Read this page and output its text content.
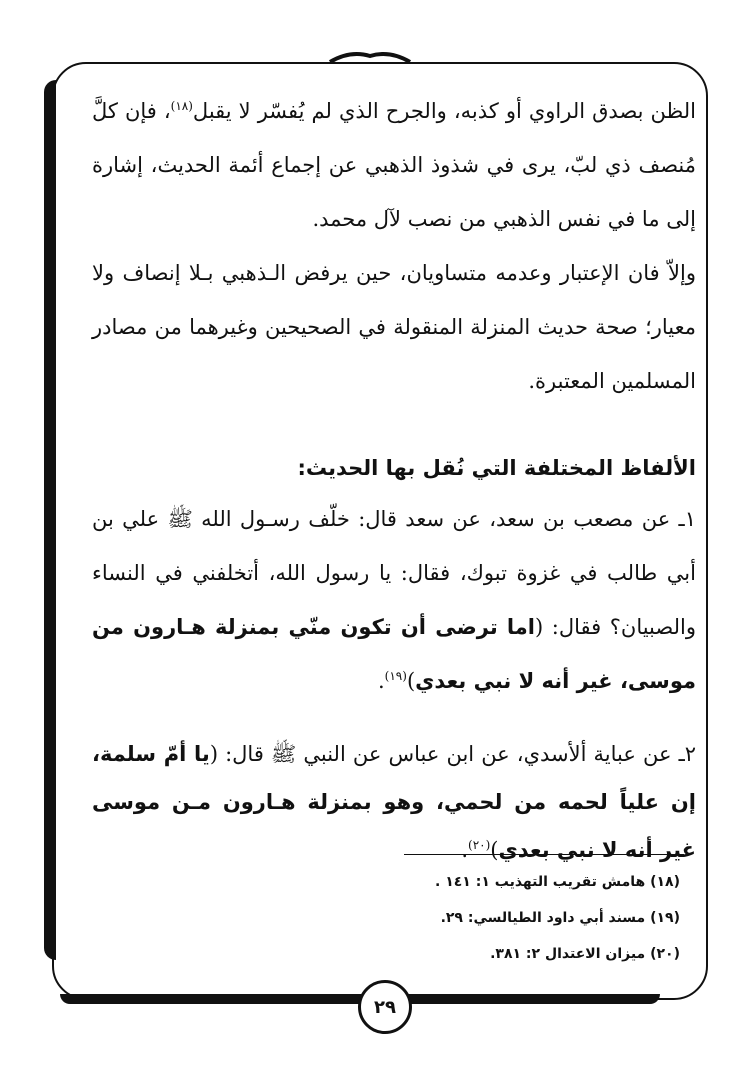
الظن بصدق الراوي أو كذبه، والجرح الذي لم يُفسّر لا يقبل$^{(١٨)}$، فإن كلَّ مُنصف ذي لبّ، يرى في شذوذ الذهبي عن إجماع أئمة الحديث، إشارة إلى ما في نفس الذهبي من نصب لآل محمد.

وإلاّ فان الإعتبار وعدمه متساويان، حين يرفض الـذهبي بـلا إنصاف ولا معيار؛ صحة حديث المنزلة المنقولة في الصحيحين وغيرهما من مصادر المسلمين المعتبرة.

الألفاظ المختلفة التي نُقل بها الحديث:

١ـ عن مصعب بن سعد، عن سعد قال: خلّف رسـول الله ﷺ علي بن أبي طالب في غزوة تبوك، فقال: يا رسول الله، أتخلفني في النساء والصبيان؟ فقال: (اما ترضى أن تكون منّي بمنزلة هـارون من موسى، غير أنه لا نبي بعدي)$^{(١٩)}$.

٢ـ عن عباية ألأسدي، عن ابن عباس عن النبي ﷺ قال: (يا أمّ سلمة، إن علياً لحمه من لحمي، وهو بمنزلة هـارون مـن موسى غير أنه لا نبي بعدي)$^{(٢٠)}$.

(١٨) هامش تقريب التهذيب ١: ١٤١ .
(١٩) مسند أبي داود الطيالسي: ٢٩.
(٢٠) ميزان الاعتدال ٢: ٣٨١.
٢٩
